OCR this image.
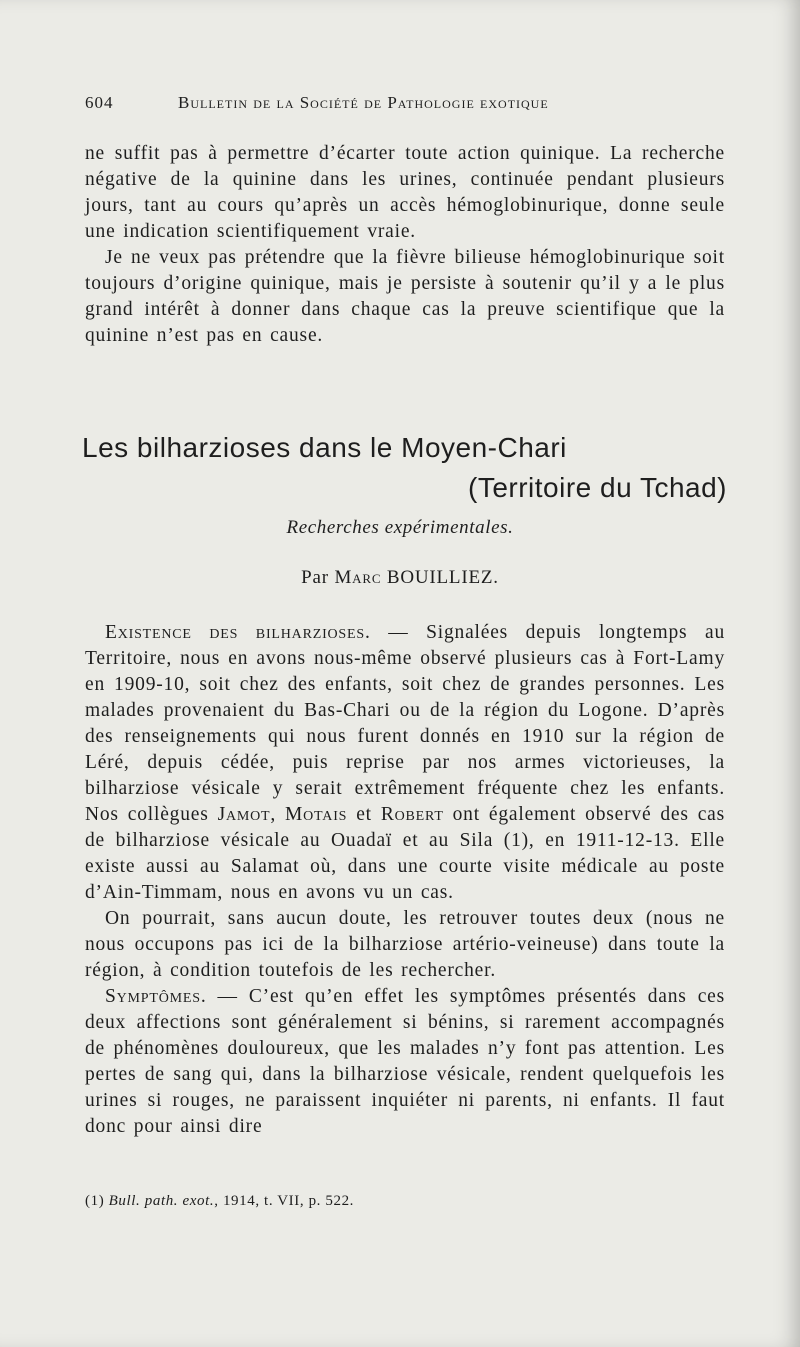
604	Bulletin de la Société de Pathologie exotique

ne suffit pas à permettre d’écarter toute action quinique. La recherche négative de la quinine dans les urines, continuée pendant plusieurs jours, tant au cours qu’après un accès hémoglobinurique, donne seule une indication scientifiquement vraie.

Je ne veux pas prétendre que la fièvre bilieuse hémoglobinurique soit toujours d’origine quinique, mais je persiste à soutenir qu’il y a le plus grand intérêt à donner dans chaque cas la preuve scientifique que la quinine n’est pas en cause.

Les bilharzioses dans le Moyen-Chari
(Territoire du Tchad)
Recherches expérimentales.
Par Marc BOUILLIEZ.

Existence des bilharzioses. — Signalées depuis longtemps au Territoire, nous en avons nous-même observé plusieurs cas à Fort-Lamy en 1909-10, soit chez des enfants, soit chez de grandes personnes. Les malades provenaient du Bas-Chari ou de la région du Logone. D’après des renseignements qui nous furent donnés en 1910 sur la région de Léré, depuis cédée, puis reprise par nos armes victorieuses, la bilharziose vésicale y serait extrêmement fréquente chez les enfants. Nos collègues Jamot, Motais et Robert ont également observé des cas de bilharziose vésicale au Ouadaï et au Sila (1), en 1911-12-13. Elle existe aussi au Salamat où, dans une courte visite médicale au poste d’Ain-Timmam, nous en avons vu un cas.

On pourrait, sans aucun doute, les retrouver toutes deux (nous ne nous occupons pas ici de la bilharziose artério-veineuse) dans toute la région, à condition toutefois de les rechercher.

Symptômes. — C’est qu’en effet les symptômes présentés dans ces deux affections sont généralement si bénins, si rarement accompagnés de phénomènes douloureux, que les malades n’y font pas attention. Les pertes de sang qui, dans la bilharziose vésicale, rendent quelquefois les urines si rouges, ne paraissent inquiéter ni parents, ni enfants. Il faut donc pour ainsi dire

(1) Bull. path. exot., 1914, t. VII, p. 522.
